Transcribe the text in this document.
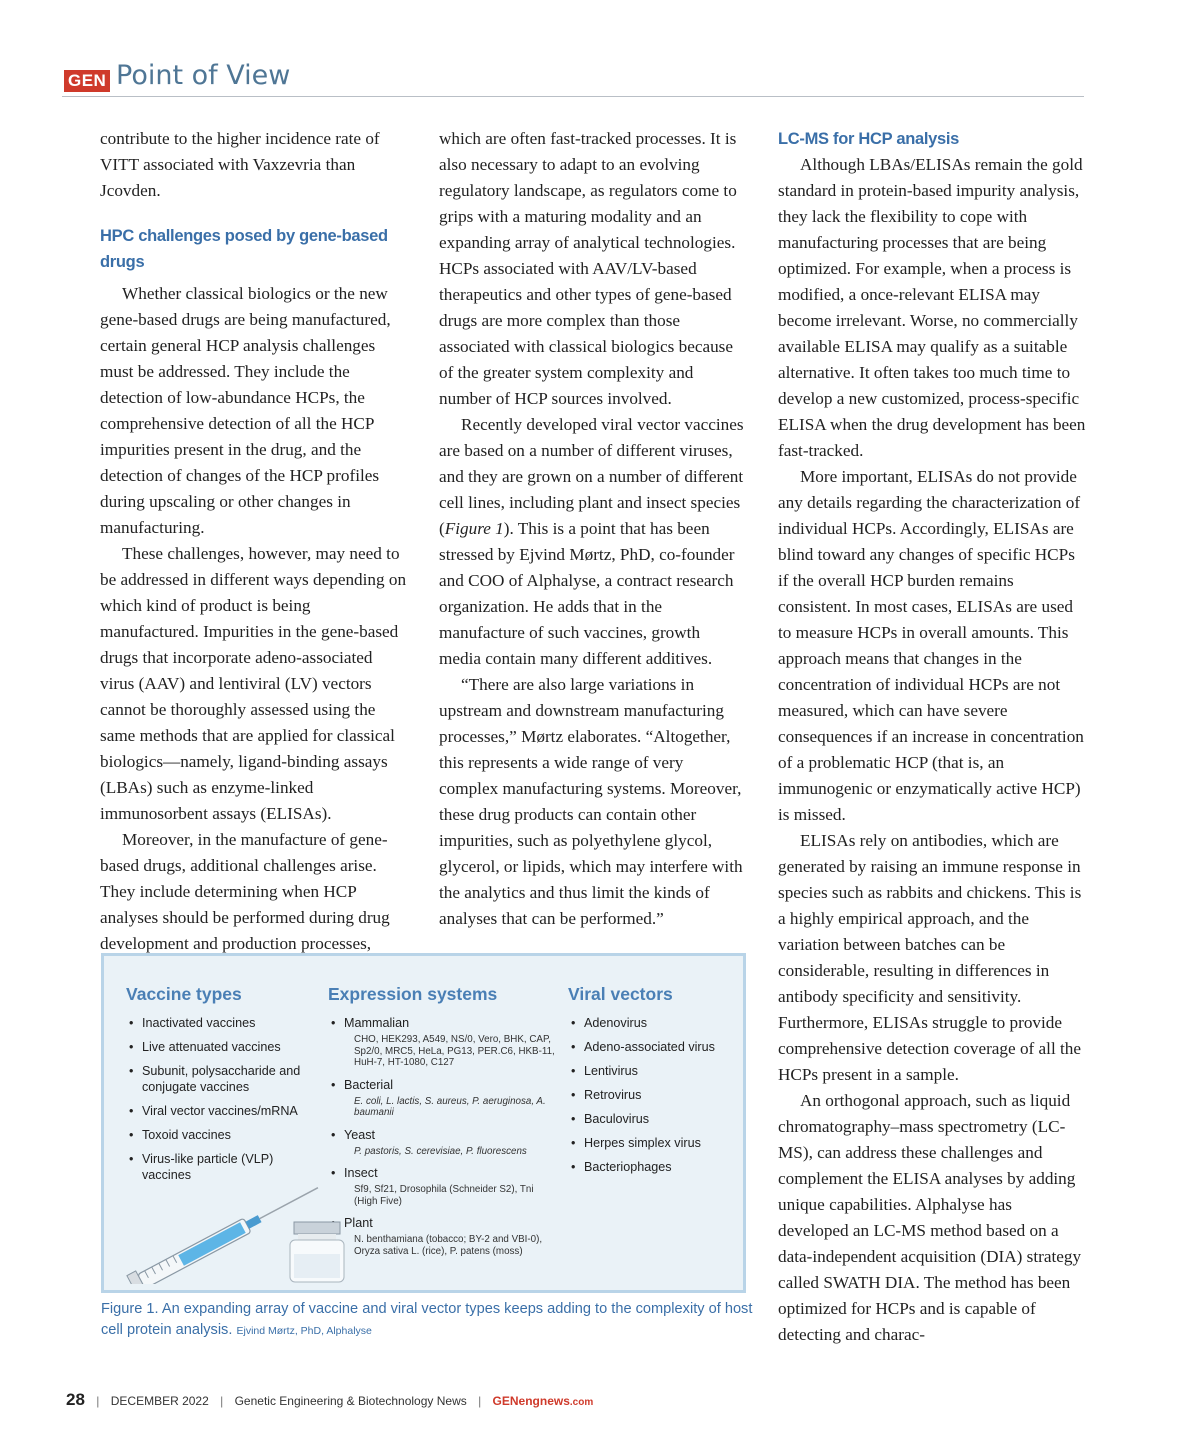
GEN Point of View

contribute to the higher incidence rate of VITT associated with Vaxzevria than Jcovden.

HPC challenges posed by gene-based drugs

Whether classical biologics or the new gene-based drugs are being manufactured, certain general HCP analysis challenges must be addressed. They include the detection of low-abundance HCPs, the comprehensive detection of all the HCP impurities present in the drug, and the detection of changes of the HCP profiles during upscaling or other changes in manufacturing.

These challenges, however, may need to be addressed in different ways depending on which kind of product is being manufactured. Impurities in the gene-based drugs that incorporate adeno-associated virus (AAV) and lentiviral (LV) vectors cannot be thoroughly assessed using the same methods that are applied for classical biologics—namely, ligand-binding assays (LBAs) such as enzyme-linked immunosorbent assays (ELISAs).

Moreover, in the manufacture of gene-based drugs, additional challenges arise. They include determining when HCP analyses should be performed during drug development and production processes,

which are often fast-tracked processes. It is also necessary to adapt to an evolving regulatory landscape, as regulators come to grips with a maturing modality and an expanding array of analytical technologies. HCPs associated with AAV/LV-based therapeutics and other types of gene-based drugs are more complex than those associated with classical biologics because of the greater system complexity and number of HCP sources involved.

Recently developed viral vector vaccines are based on a number of different viruses, and they are grown on a number of different cell lines, including plant and insect species (Figure 1). This is a point that has been stressed by Ejvind Mørtz, PhD, co-founder and COO of Alphalyse, a contract research organization. He adds that in the manufacture of such vaccines, growth media contain many different additives.

“There are also large variations in upstream and downstream manufacturing processes,” Mørtz elaborates. “Altogether, this represents a wide range of very complex manufacturing systems. Moreover, these drug products can contain other impurities, such as polyethylene glycol, glycerol, or lipids, which may interfere with the analytics and thus limit the kinds of analyses that can be performed.”

LC-MS for HCP analysis

Although LBAs/ELISAs remain the gold standard in protein-based impurity analysis, they lack the flexibility to cope with manufacturing processes that are being optimized. For example, when a process is modified, a once-relevant ELISA may become irrelevant. Worse, no commercially available ELISA may qualify as a suitable alternative. It often takes too much time to develop a new customized, process-specific ELISA when the drug development has been fast-tracked.

More important, ELISAs do not provide any details regarding the characterization of individual HCPs. Accordingly, ELISAs are blind toward any changes of specific HCPs if the overall HCP burden remains consistent. In most cases, ELISAs are used to measure HCPs in overall amounts. This approach means that changes in the concentration of individual HCPs are not measured, which can have severe consequences if an increase in concentration of a problematic HCP (that is, an immunogenic or enzymatically active HCP) is missed.

ELISAs rely on antibodies, which are generated by raising an immune response in species such as rabbits and chickens. This is a highly empirical approach, and the variation between batches can be considerable, resulting in differences in antibody specificity and sensitivity. Furthermore, ELISAs struggle to provide comprehensive detection coverage of all the HCPs present in a sample.

An orthogonal approach, such as liquid chromatography–mass spectrometry (LC-MS), can address these challenges and complement the ELISA analyses by adding unique capabilities. Alphalyse has developed an LC-MS method based on a data-independent acquisition (DIA) strategy called SWATH DIA. The method has been optimized for HCPs and is capable of detecting and charac-

Vaccine types
• Inactivated vaccines
• Live attenuated vaccines
• Subunit, polysaccharide and conjugate vaccines
• Viral vector vaccines/mRNA
• Toxoid vaccines
• Virus-like particle (VLP) vaccines
Expression systems
• Mammalian
CHO, HEK293, A549, NS/0, Vero, BHK, CAP, Sp2/0, MRC5, HeLa, PG13, PER.C6, HKB-11, HuH-7, HT-1080, C127
• Bacterial
E. coli, L. lactis, S. aureus, P. aeruginosa, A. baumanii
• Yeast
P. pastoris, S. cerevisiae, P. fluorescens
• Insect
Sf9, Sf21, Drosophila (Schneider S2), Tni (High Five)
• Plant
N. benthamiana (tobacco; BY-2 and VBI-0), Oryza sativa L. (rice), P. patens (moss)
Viral vectors
• Adenovirus
• Adeno-associated virus
• Lentivirus
• Retrovirus
• Baculovirus
• Herpes simplex virus
• Bacteriophages
Figure 1. An expanding array of vaccine and viral vector types keeps adding to the complexity of host cell protein analysis. Ejvind Mørtz, PhD, Alphalyse
28 | DECEMBER 2022 | Genetic Engineering & Biotechnology News | GENengnews.com
